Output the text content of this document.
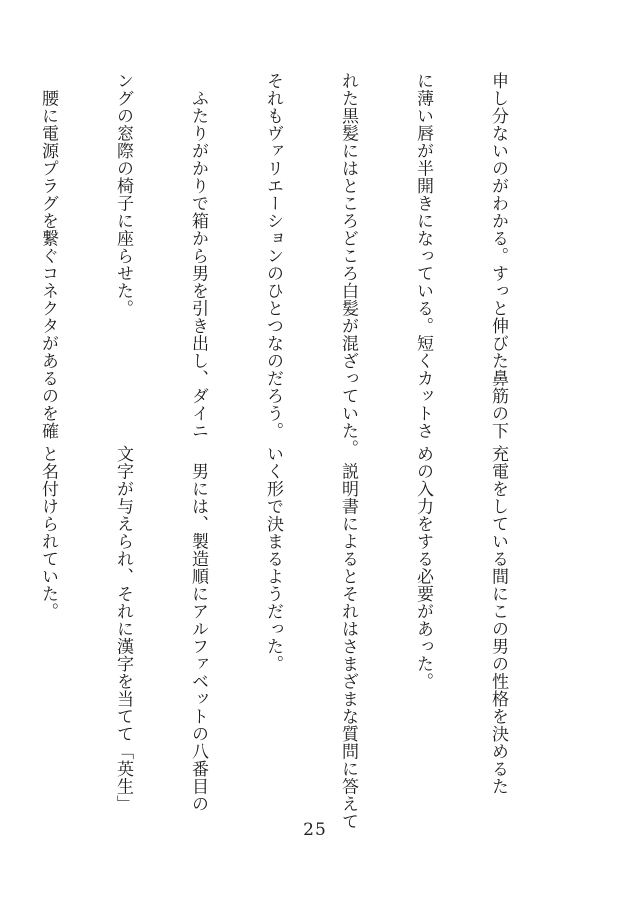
申し分ないのがわかる。すっと伸びた鼻筋の下

に薄い唇が半開きになっている。短くカットさ

れた黒髪にはところどころ白髪が混ざっていた。

それもヴァリエーションのひとつなのだろう。

　ふたりがかりで箱から男を引き出し、ダイニ

ングの窓際の椅子に座らせた。

　腰に電源プラグを繋ぐコネクタがあるのを確

充電をしている間にこの男の性格を決めるた

めの入力をする必要があった。

　説明書によるとそれはさまざまな質問に答えて

いく形で決まるようだった。

　男には、製造順にアルファベットの八番目の

文字が与えられ、それに漢字を当てて「英生」

と名付けられていた。

25
